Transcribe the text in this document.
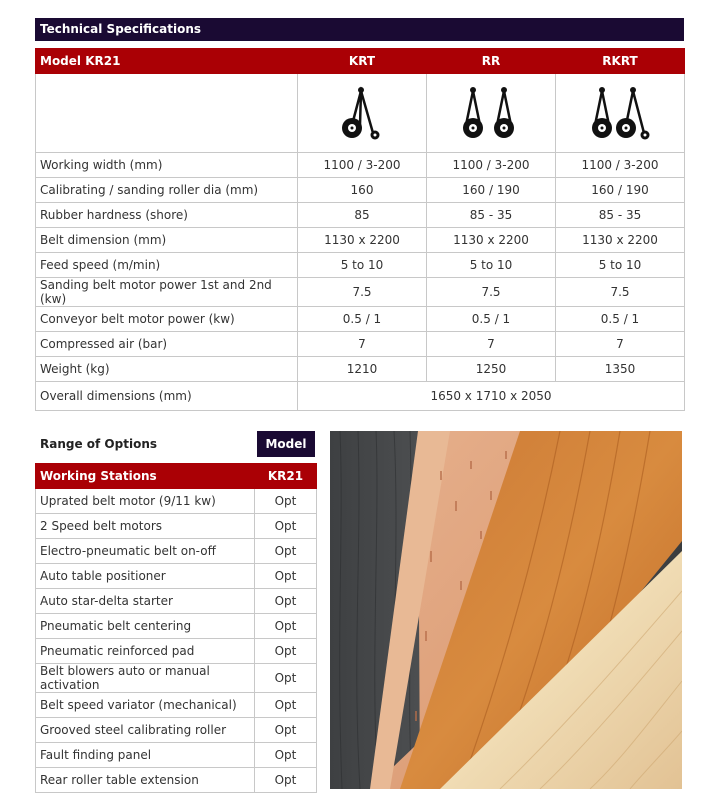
Technical Specifications
Model KR21	KRT	RR	RKRT

Working width (mm)	1100 / 3-200	1100 / 3-200	1100 / 3-200
Calibrating / sanding roller dia (mm)	160	160 / 190	160 / 190
Rubber hardness (shore)	85	85 - 35	85 - 35
Belt dimension (mm)	1130 x 2200	1130 x 2200	1130 x 2200
Feed speed (m/min)	5 to 10	5 to 10	5 to 10
Sanding belt motor power 1st and 2nd (kw)	7.5	7.5	7.5
Conveyor belt motor power (kw)	0.5 / 1	0.5 / 1	0.5 / 1
Compressed air (bar)	7	7	7
Weight (kg)	1210	1250	1350
Overall dimensions (mm)	1650 x 1710 x 2050		
Range of Options	Model
Working Stations	KR21
Uprated belt motor (9/11 kw)	Opt
2 Speed belt motors	Opt
Electro-pneumatic belt on-off	Opt
Auto table positioner	Opt
Auto star-delta starter	Opt
Pneumatic belt centering	Opt
Pneumatic reinforced pad	Opt
Belt blowers auto or manual activation	Opt
Belt speed variator (mechanical)	Opt
Grooved steel calibrating roller	Opt
Fault finding panel	Opt
Rear roller table extension	Opt
